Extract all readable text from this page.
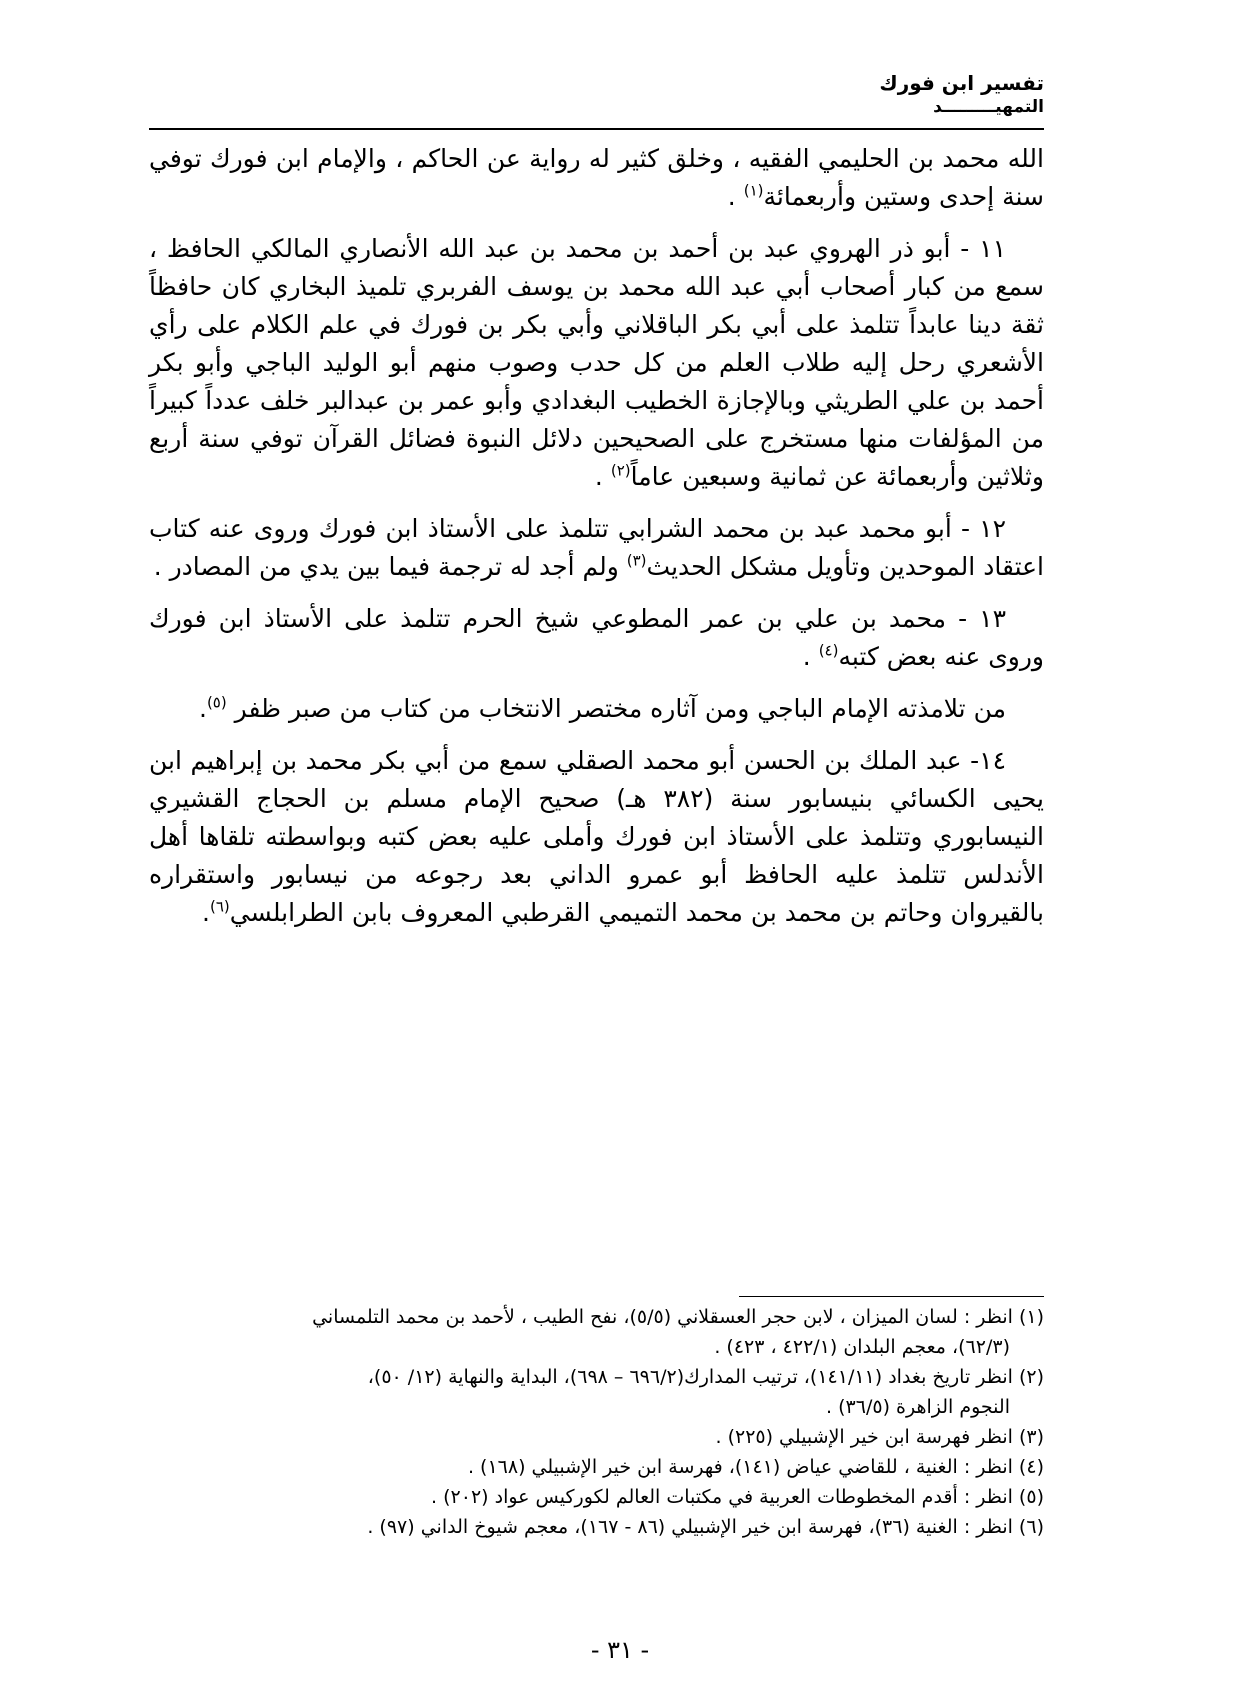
تفسير ابن فورك
التمهيـــــــــد

الله محمد بن الحليمي الفقيه ، وخلق كثير له رواية عن الحاكم ، والإمام ابن فورك توفي سنة إحدى وستين وأربعمائة$^{(١)}$ .

١١ - أبو ذر الهروي عبد بن أحمد بن محمد بن عبد الله الأنصاري المالكي الحافظ ، سمع من كبار أصحاب أبي عبد الله محمد بن يوسف الفربري تلميذ البخاري كان حافظاً ثقة دينا عابداً تتلمذ على أبي بكر الباقلاني وأبي بكر بن فورك في علم الكلام على رأي الأشعري رحل إليه طلاب العلم من كل حدب وصوب منهم أبو الوليد الباجي وأبو بكر أحمد بن علي الطريثي وبالإجازة الخطيب البغدادي وأبو عمر بن عبدالبر خلف عدداً كبيراً من المؤلفات منها مستخرج على الصحيحين دلائل النبوة فضائل القرآن توفي سنة أربع وثلاثين وأربعمائة عن ثمانية وسبعين عاماً$^{(٢)}$ .

١٢ - أبو محمد عبد بن محمد الشرابي تتلمذ على الأستاذ ابن فورك وروى عنه كتاب اعتقاد الموحدين وتأويل مشكل الحديث$^{(٣)}$ ولم أجد له ترجمة فيما بين يدي من المصادر .

١٣ - محمد بن علي بن عمر المطوعي شيخ الحرم تتلمذ على الأستاذ ابن فورك وروى عنه بعض كتبه$^{(٤)}$ .

من تلامذته الإمام الباجي ومن آثاره مختصر الانتخاب من كتاب من صبر ظفر $^{(٥)}$.

١٤- عبد الملك بن الحسن أبو محمد الصقلي سمع من أبي بكر محمد بن إبراهيم ابن يحيى الكسائي بنيسابور سنة (٣٨٢ هـ) صحيح الإمام مسلم بن الحجاج القشيري النيسابوري وتتلمذ على الأستاذ ابن فورك وأملى عليه بعض كتبه وبواسطته تلقاها أهل الأندلس تتلمذ عليه الحافظ أبو عمرو الداني بعد رجوعه من نيسابور واستقراره بالقيروان وحاتم بن محمد بن محمد التميمي القرطبي المعروف بابن الطرابلسي$^{(٦)}$.

(١) انظر : لسان الميزان ، لابن حجر العسقلاني (٥/٥)، نفح الطيب ، لأحمد بن محمد التلمساني
(٦٢/٣)، معجم البلدان (٤٢٢/١ ، ٤٢٣) .

(٢) انظر تاريخ بغداد (١٤١/١١)، ترتيب المدارك(٦٩٦/٢ – ٦٩٨)، البداية والنهاية (١٢/ ٥٠)،
النجوم الزاهرة (٣٦/٥) .

(٣) انظر فهرسة ابن خير الإشبيلي (٢٢٥) .

(٤) انظر : الغنية ، للقاضي عياض (١٤١)، فهرسة ابن خير الإشبيلي (١٦٨) .

(٥) انظر : أقدم المخطوطات العربية في مكتبات العالم لكوركيس عواد (٢٠٢) .

(٦) انظر : الغنية (٣٦)، فهرسة ابن خير الإشبيلي (٨٦ - ١٦٧)، معجم شيوخ الداني (٩٧) .

- ٣١ -
